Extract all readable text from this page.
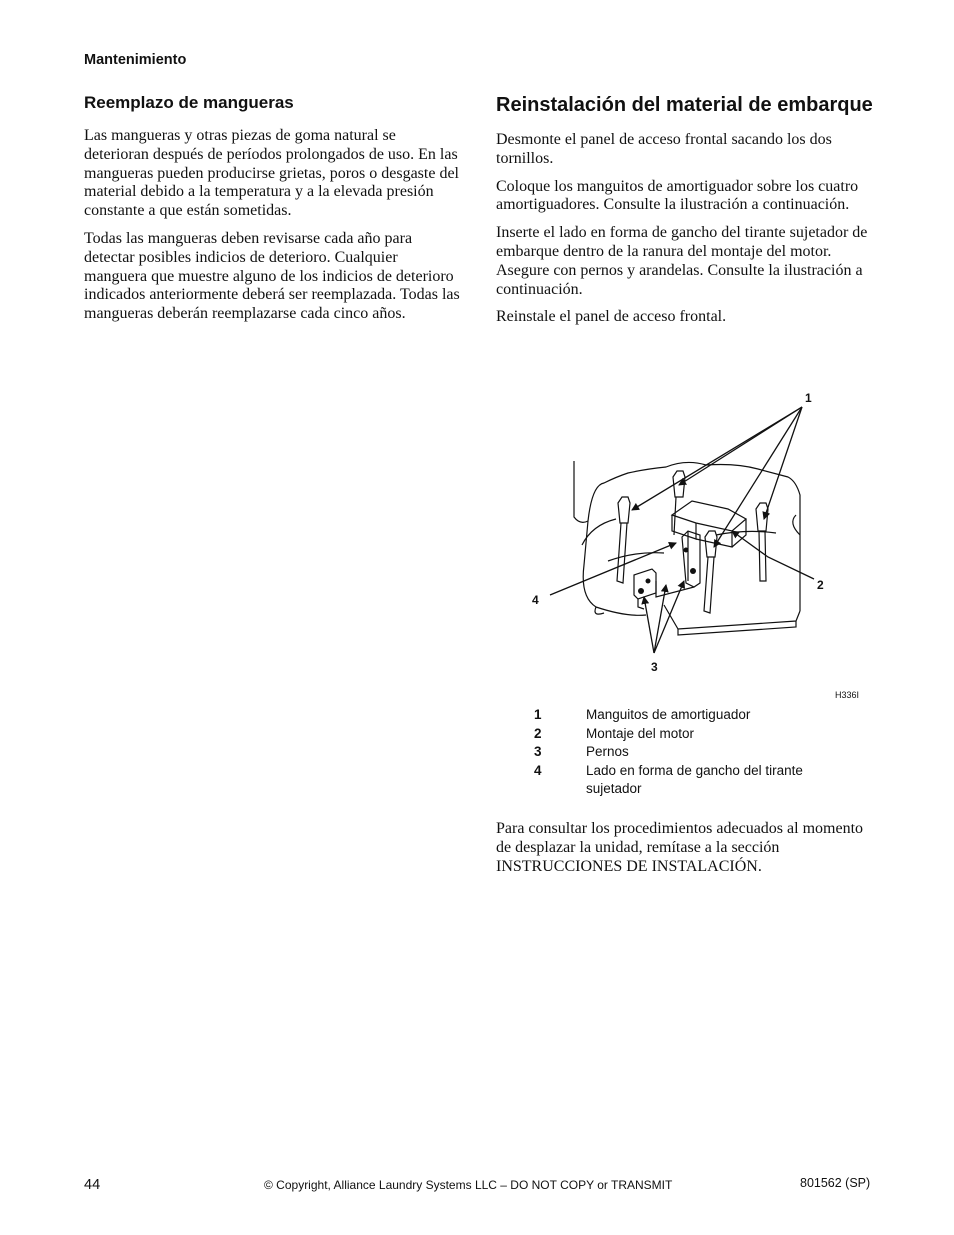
Mantenimiento
Reemplazo de mangueras

Las mangueras y otras piezas de goma natural se deterioran después de períodos prolongados de uso. En las mangueras pueden producirse grietas, poros o desgaste del material debido a la temperatura y a la elevada presión constante a que están sometidas.

Todas las mangueras deben revisarse cada año para detectar posibles indicios de deterioro. Cualquier manguera que muestre alguno de los indicios de deterioro indicados anteriormente deberá ser reemplazada. Todas las mangueras deberán reemplazarse cada cinco años.

Reinstalación del material de embarque

Desmonte el panel de acceso frontal sacando los dos tornillos.

Coloque los manguitos de amortiguador sobre los cuatro amortiguadores. Consulte la ilustración a continuación.

Inserte el lado en forma de gancho del tirante sujetador de embarque dentro de la ranura del montaje del motor. Asegure con pernos y arandelas. Consulte la ilustración a continuación.

Reinstale el panel de acceso frontal.

1
2
3
4
H336I
1	Manguitos de amortiguador
2	Montaje del motor
3	Pernos
4	Lado en forma de gancho del tirante sujetador

Para consultar los procedimientos adecuados al momento de desplazar la unidad, remítase a la sección INSTRUCCIONES DE INSTALACIÓN.

44	© Copyright, Alliance Laundry Systems LLC – DO NOT COPY or TRANSMIT	801562 (SP)
